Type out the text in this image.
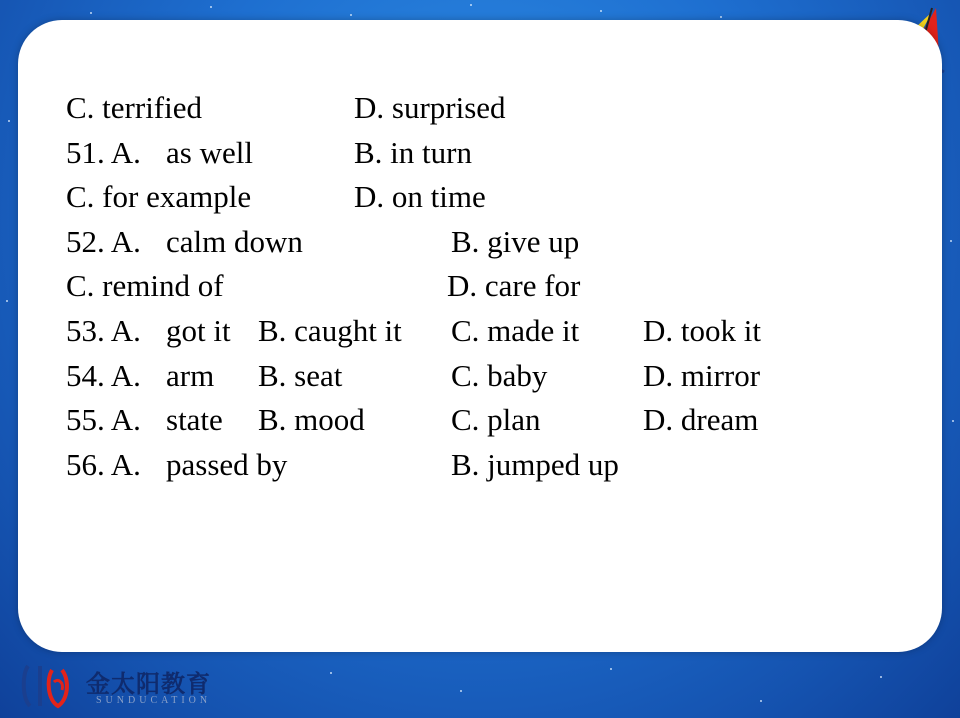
C. terrified	D. surprised
51. A. as well	B. in turn
C. for example	D. on time
52. A. calm down	B. give up
C. remind of	D. care for
53. A. got it B. caught it C. made it D. took it
54. A. arm B. seat	C. baby	D. mirror
55. A. state B. mood	C. plan	D. dream
56. A. passed by	B. jumped up
金太阳教育
SUNDUCATION
